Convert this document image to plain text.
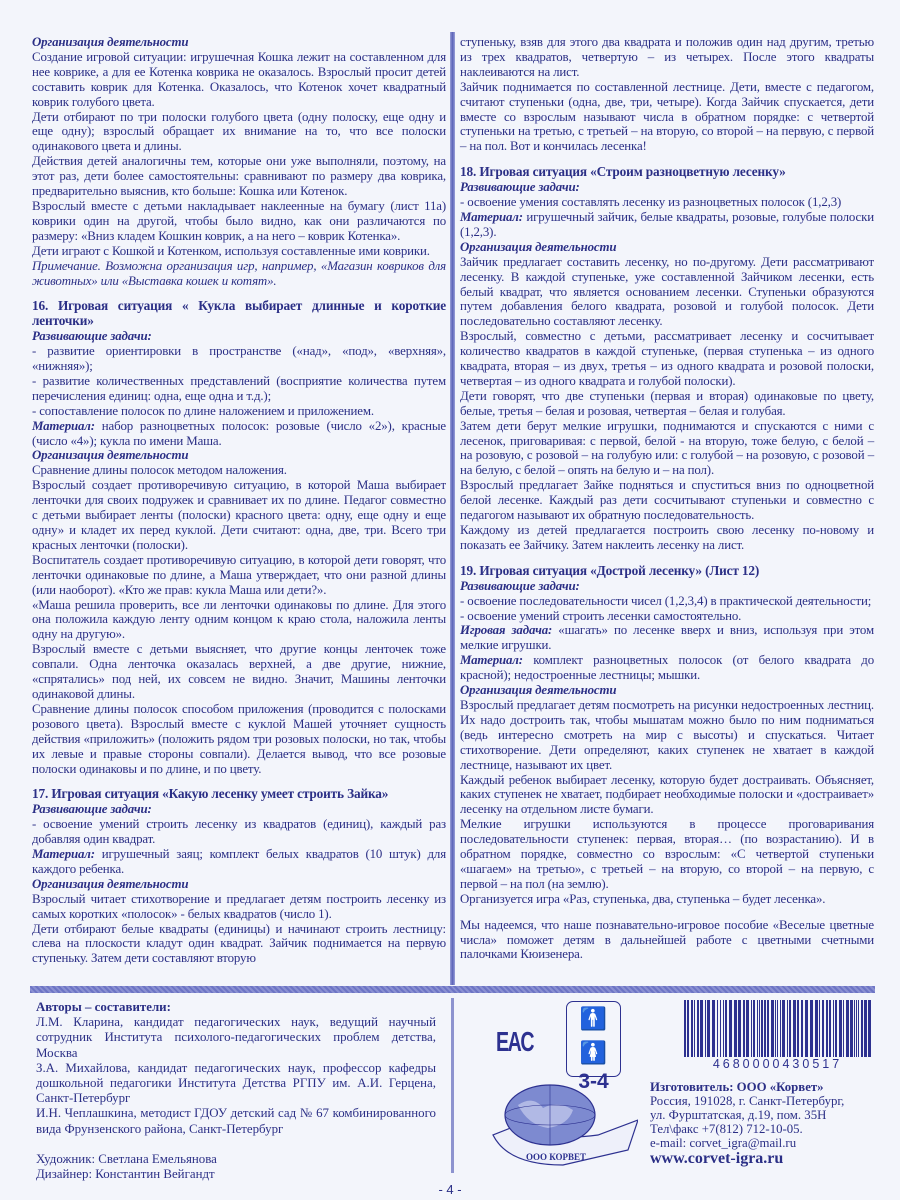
Организация деятельности

Создание игровой ситуации: игрушечная Кошка лежит на составленном для нее коврике, а для ее Котенка коврика не оказалось. Взрослый просит детей составить коврик для Котенка. Оказалось, что Котенок хочет квадратный коврик голубого цвета.

Дети отбирают по три полоски голубого цвета (одну полоску, еще одну и еще одну); взрослый обращает их внимание на то, что все полоски одинакового цвета и длины.

Действия детей аналогичны тем, которые они уже выполняли, поэтому, на этот раз, дети более самостоятельны: сравнивают по размеру два коврика, предварительно выяснив, кто больше: Кошка или Котенок.

Взрослый вместе с детьми накладывает наклеенные на бумагу (лист 11а) коврики один на другой, чтобы было видно, как они различаются по размеру: «Вниз кладем Кошкин коврик, а на него – коврик Котенка».

Дети играют с Кошкой и Котенком, используя составленные ими коврики.

Примечание. Возможна организация игр, например, «Магазин ковриков для животных» или «Выставка кошек и котят».

16. Игровая ситуация « Кукла выбирает длинные и короткие ленточки»

Развивающие задачи:

- развитие ориентировки в пространстве («над», «под», «верхняя», «нижняя»);

- развитие количественных представлений (восприятие количества путем перечисления единиц: одна, еще одна и т.д.);

- сопоставление полосок по длине наложением и приложением.

Материал: набор разноцветных полосок: розовые (число «2»), красные (число «4»); кукла по имени Маша.

Организация деятельности

Сравнение длины полосок методом наложения.

Взрослый создает противоречивую ситуацию, в которой Маша выбирает ленточки для своих подружек и сравнивает их по длине. Педагог совместно с детьми выбирает ленты (полоски) красного цвета: одну, еще одну и еще одну» и кладет их перед куклой. Дети считают: одна, две, три. Всего три красных ленточки (полоски).

Воспитатель создает противоречивую ситуацию, в которой дети говорят, что ленточки одинаковые по длине, а Маша утверждает, что они разной длины (или наоборот). «Кто же прав: кукла Маша или дети?».

«Маша решила проверить, все ли ленточки одинаковы по длине. Для этого она положила каждую ленту одним концом к краю стола, наложила ленты одну на другую».

Взрослый вместе с детьми выясняет, что другие концы ленточек тоже совпали. Одна ленточка оказалась верхней, а две другие, нижние, «спрятались» под ней, их совсем не видно. Значит, Машины ленточки одинаковой длины.

Сравнение длины полосок способом приложения (проводится с полосками розового цвета). Взрослый вместе с куклой Машей уточняет сущность действия «приложить» (положить рядом три розовых полоски, но так, чтобы их левые и правые стороны совпали). Делается вывод, что все розовые полоски одинаковы и по длине, и по цвету.

17. Игровая ситуация «Какую лесенку умеет строить Зайка»

Развивающие задачи:

- освоение умений строить лесенку из квадратов (единиц), каждый раз добавляя один квадрат.

Материал: игрушечный заяц; комплект белых квадратов (10 штук) для каждого ребенка.

Организация деятельности

Взрослый читает стихотворение и предлагает детям построить лесенку из самых коротких «полосок» - белых квадратов (число 1).

Дети отбирают белые квадраты (единицы) и начинают строить лестницу: слева на плоскости кладут один квадрат. Зайчик поднимается на первую ступеньку. Затем дети составляют вторую

ступеньку, взяв для этого два квадрата и положив один над другим, третью из трех квадратов, четвертую – из четырех. После этого квадраты наклеиваются на лист.

Зайчик поднимается по составленной лестнице. Дети, вместе с педагогом, считают ступеньки (одна, две, три, четыре). Когда Зайчик спускается, дети вместе со взрослым называют числа в обратном порядке: с четвертой ступеньки на третью, с третьей – на вторую, со второй – на первую, с первой – на пол. Вот и кончилась лесенка!

18. Игровая ситуация «Строим разноцветную лесенку»

Развивающие задачи:

- освоение умения составлять лесенку из разноцветных полосок (1,2,3)

Материал: игрушечный зайчик, белые квадраты, розовые, голубые полоски (1,2,3).

Организация деятельности

Зайчик предлагает составить лесенку, но по-другому. Дети рассматривают лесенку. В каждой ступеньке, уже составленной Зайчиком лесенки, есть белый квадрат, что является основанием лесенки. Ступеньки образуются путем добавления белого квадрата, розовой и голубой полосок. Дети последовательно составляют лесенку.

Взрослый, совместно с детьми, рассматривает лесенку и сосчитывает количество квадратов в каждой ступеньке, (первая ступенька – из одного квадрата, вторая – из двух, третья – из одного квадрата и розовой полоски, четвертая – из одного квадрата и голубой полоски).

Дети говорят, что две ступеньки (первая и вторая) одинаковые по цвету, белые, третья – белая и розовая, четвертая – белая и голубая.

Затем дети берут мелкие игрушки, поднимаются и спускаются с ними с лесенок, приговаривая: с первой, белой - на вторую, тоже белую, с белой – на розовую, с розовой – на голубую или: с голубой – на розовую, с розовой – на белую, с белой – опять на белую и – на пол).

Взрослый предлагает Зайке подняться и спуститься вниз по одноцветной белой лесенке. Каждый раз дети сосчитывают ступеньки и совместно с педагогом называют их обратную последовательность.

Каждому из детей предлагается построить свою лесенку по-новому и показать ее Зайчику. Затем наклеить лесенку на лист.

19. Игровая ситуация «Дострой лесенку» (Лист 12)

Развивающие задачи:

- освоение последовательности чисел (1,2,3,4) в практической деятельности;

- освоение умений строить лесенки самостоятельно.

Игровая задача: «шагать» по лесенке вверх и вниз, используя при этом мелкие игрушки.

Материал: комплект разноцветных полосок (от белого квадрата до красной); недостроенные лестницы; мышки.

Организация деятельности

Взрослый предлагает детям посмотреть на рисунки недостроенных лестниц. Их надо достроить так, чтобы мышатам можно было по ним подниматься (ведь интересно смотреть на мир с высоты) и спускаться. Читает стихотворение. Дети определяют, каких ступенек не хватает в каждой лестнице, называют их цвет.

Каждый ребенок выбирает лесенку, которую будет достраивать. Объясняет, каких ступенек не хватает, подбирает необходимые полоски и «достраивает» лесенку на отдельном листе бумаги.

Мелкие игрушки используются в процессе проговаривания последовательности ступенек: первая, вторая… (по возрастанию). И в обратном порядке, совместно со взрослым: «С четвертой ступеньки «шагаем» на третью», с третьей – на вторую, со второй – на первую, с первой – на пол (на землю).

Организуется игра «Раз, ступенька, два, ступенька – будет лесенка».

Мы надеемся, что наше познавательно-игровое пособие «Веселые цветные числа» поможет детям в дальнейшей работе с цветными счетными палочками Кюизенера.

Авторы – составители:

Л.М. Кларина, кандидат педагогических наук, ведущий научный сотрудник Института психолого-педагогических проблем детства, Москва

З.А. Михайлова, кандидат педагогических наук, профессор кафедры дошкольной педагогики Института Детства РГПУ им. А.И. Герцена, Санкт-Петербург

И.Н. Чеплашкина, методист ГДОУ детский сад № 67 комбинированного вида Фрунзенского района, Санкт-Петербург

Художник: Светлана Емельянова

Дизайнер: Константин Вейгандт

EAC
🚹🚺
3-4
4680000430517
ООО КОРВЕТ

Изготовитель: ООО «Корвет»

Россия, 191028, г. Санкт-Петербург,

ул. Фурштатская, д.19, пом. 35Н

Тел\факс +7(812) 712-10-05.

e-mail: corvet_igra@mail.ru

www.corvet-igra.ru

- 4 -
